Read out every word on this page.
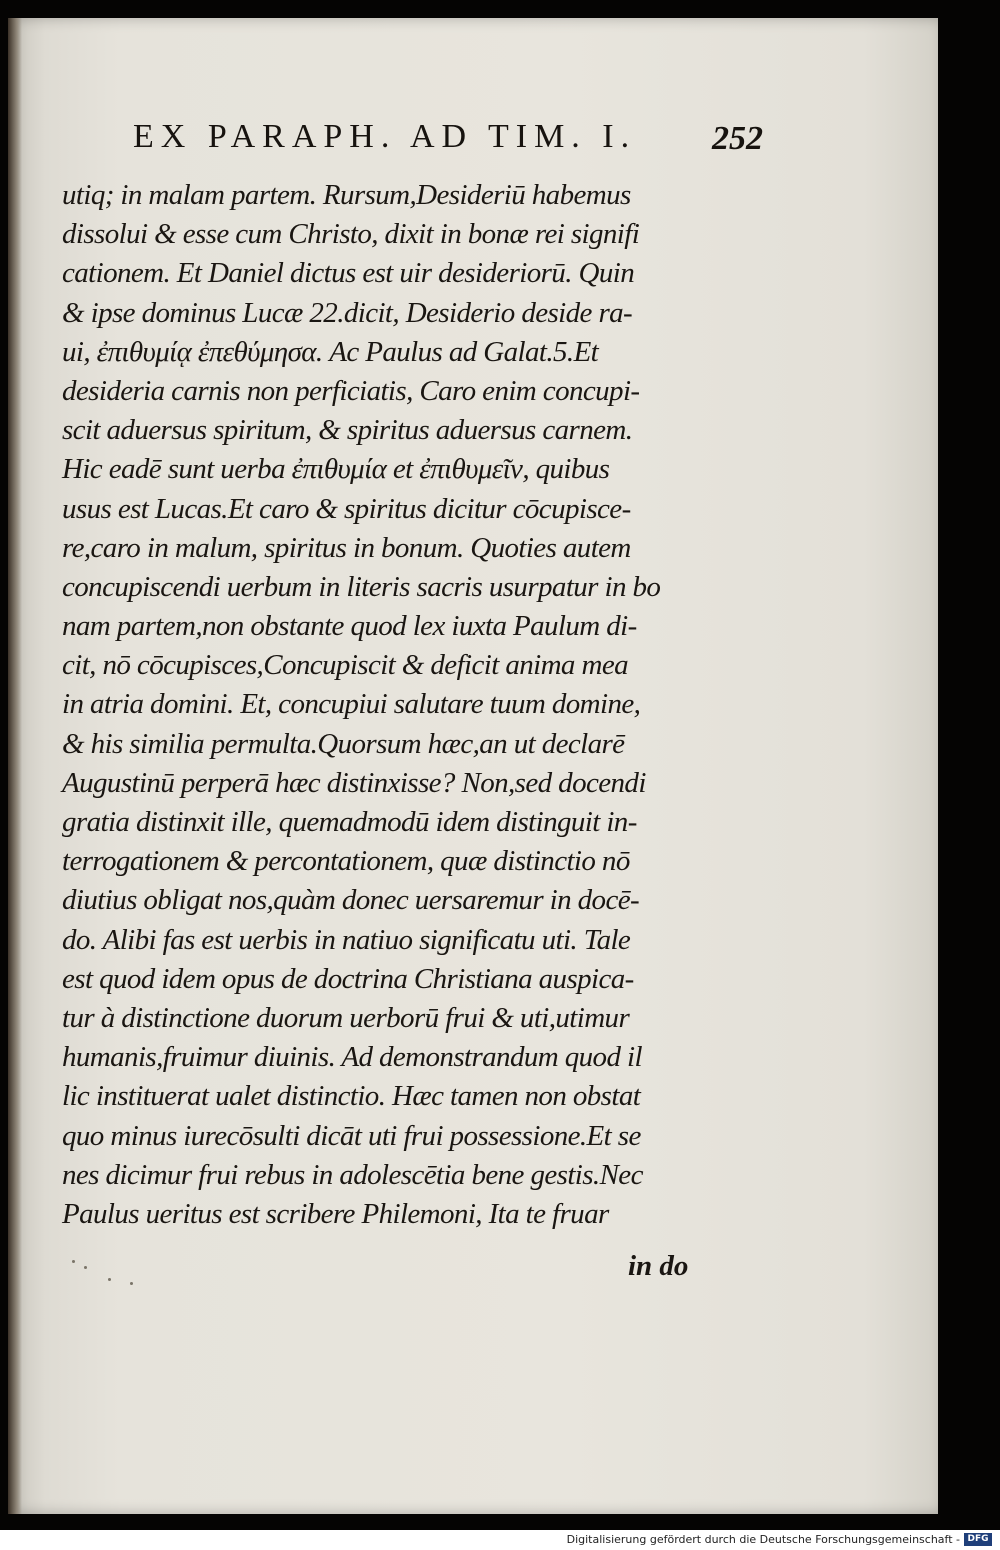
EX PARAPH. AD TIM. I. 252
utiq; in malam partem. Rursum,Desideriū habemus
dissolui & esse cum Christo, dixit in bonæ rei signifi
cationem. Et Daniel dictus est uir desideriorū. Quin
& ipse dominus Lucæ 22.dicit, Desiderio deside ra-
ui, ἐπιθυμίᾳ ἐπεθύμησα. Ac Paulus ad Galat.5.Et
desideria carnis non perficiatis, Caro enim concupi-
scit aduersus spiritum, & spiritus aduersus carnem.
Hic eadē sunt uerba ἐπιθυμία et ἐπιθυμεῖν, quibus
usus est Lucas.Et caro & spiritus dicitur cōcupisce-
re,caro in malum, spiritus in bonum. Quoties autem
concupiscendi uerbum in literis sacris usurpatur in bo
nam partem,non obstante quod lex iuxta Paulum di-
cit, nō cōcupisces,Concupiscit & deficit anima mea
in atria domini. Et, concupiui salutare tuum domine,
& his similia permulta.Quorsum hæc,an ut declarē
Augustinū perperā hæc distinxisse? Non,sed docendi
gratia distinxit ille, quemadmodū idem distinguit in-
terrogationem & percontationem, quæ distinctio nō
diutius obligat nos,quàm donec uersaremur in docē-
do. Alibi fas est uerbis in natiuo significatu uti. Tale
est quod idem opus de doctrina Christiana auspica-
tur à distinctione duorum uerborū frui & uti,utimur
humanis,fruimur diuinis. Ad demonstrandum quod il
lic instituerat ualet distinctio. Hæc tamen non obstat
quo minus iurecōsulti dicāt uti frui possessione.Et se
nes dicimur frui rebus in adolescētia bene gestis.Nec
Paulus ueritus est scribere Philemoni, Ita te fruar
in do
Digitalisierung gefördert durch die Deutsche Forschungsgemeinschaft - DFG
